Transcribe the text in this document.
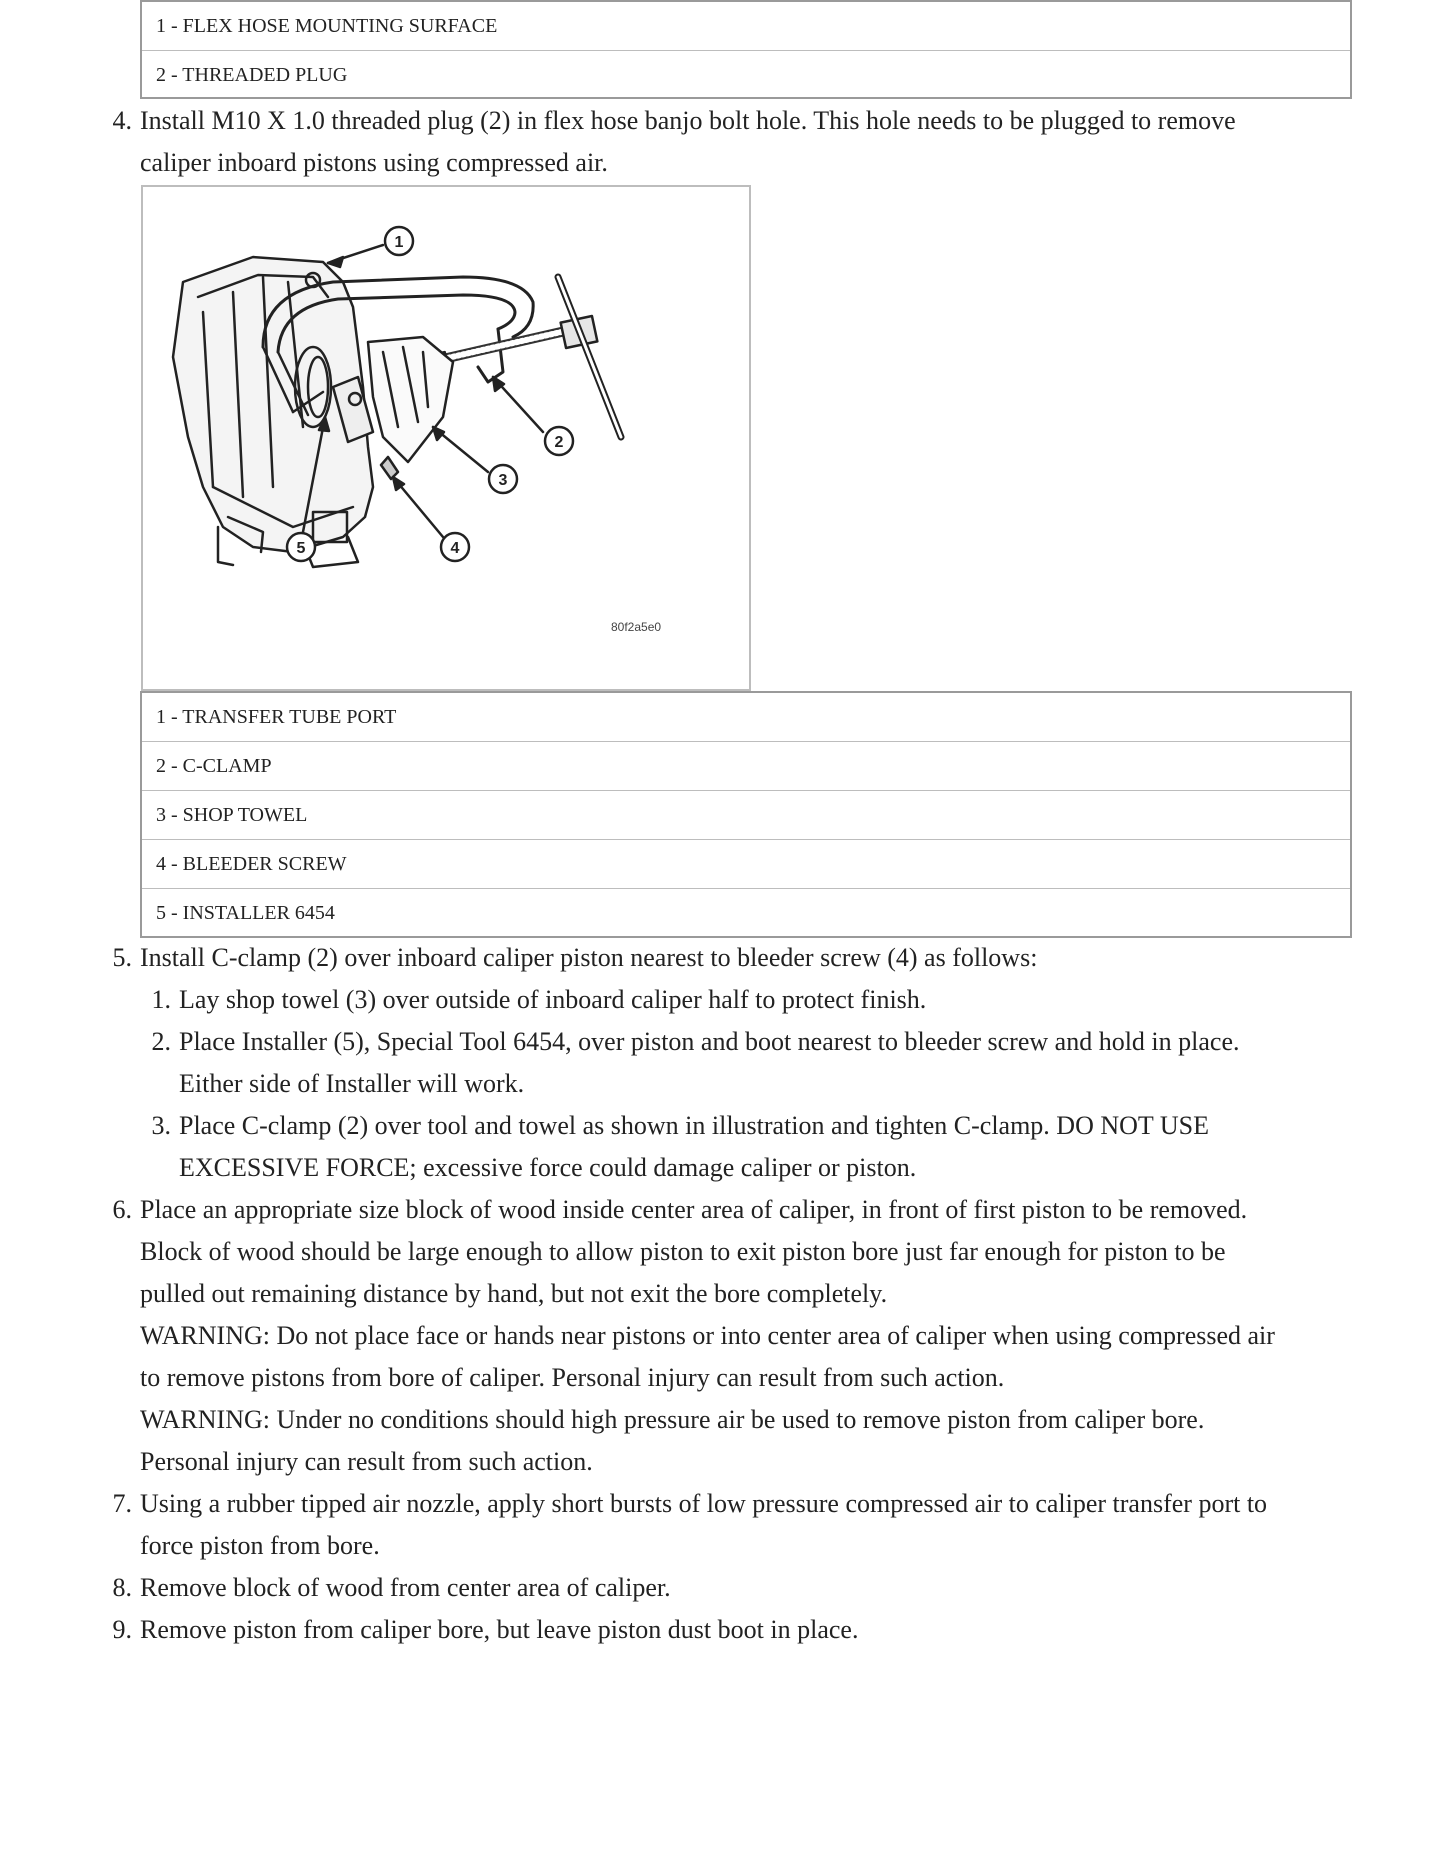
1 - FLEX HOSE MOUNTING SURFACE
2 - THREADED PLUG
4. Install M10 X 1.0 threaded plug (2) in flex hose banjo bolt hole. This hole needs to be plugged to remove
caliper inboard pistons using compressed air.
1
2
3
4
5
80f2a5e0
1 - TRANSFER TUBE PORT
2 - C-CLAMP
3 - SHOP TOWEL
4 - BLEEDER SCREW
5 - INSTALLER 6454
5. Install C-clamp (2) over inboard caliper piston nearest to bleeder screw (4) as follows:
1. Lay shop towel (3) over outside of inboard caliper half to protect finish.
2. Place Installer (5), Special Tool 6454, over piston and boot nearest to bleeder screw and hold in place.
Either side of Installer will work.
3. Place C-clamp (2) over tool and towel as shown in illustration and tighten C-clamp. DO NOT USE
EXCESSIVE FORCE; excessive force could damage caliper or piston.
6. Place an appropriate size block of wood inside center area of caliper, in front of first piston to be removed.
Block of wood should be large enough to allow piston to exit piston bore just far enough for piston to be
pulled out remaining distance by hand, but not exit the bore completely.
WARNING: Do not place face or hands near pistons or into center area of caliper when using compressed air
to remove pistons from bore of caliper. Personal injury can result from such action.
WARNING: Under no conditions should high pressure air be used to remove piston from caliper bore.
Personal injury can result from such action.
7. Using a rubber tipped air nozzle, apply short bursts of low pressure compressed air to caliper transfer port to
force piston from bore.
8. Remove block of wood from center area of caliper.
9. Remove piston from caliper bore, but leave piston dust boot in place.
